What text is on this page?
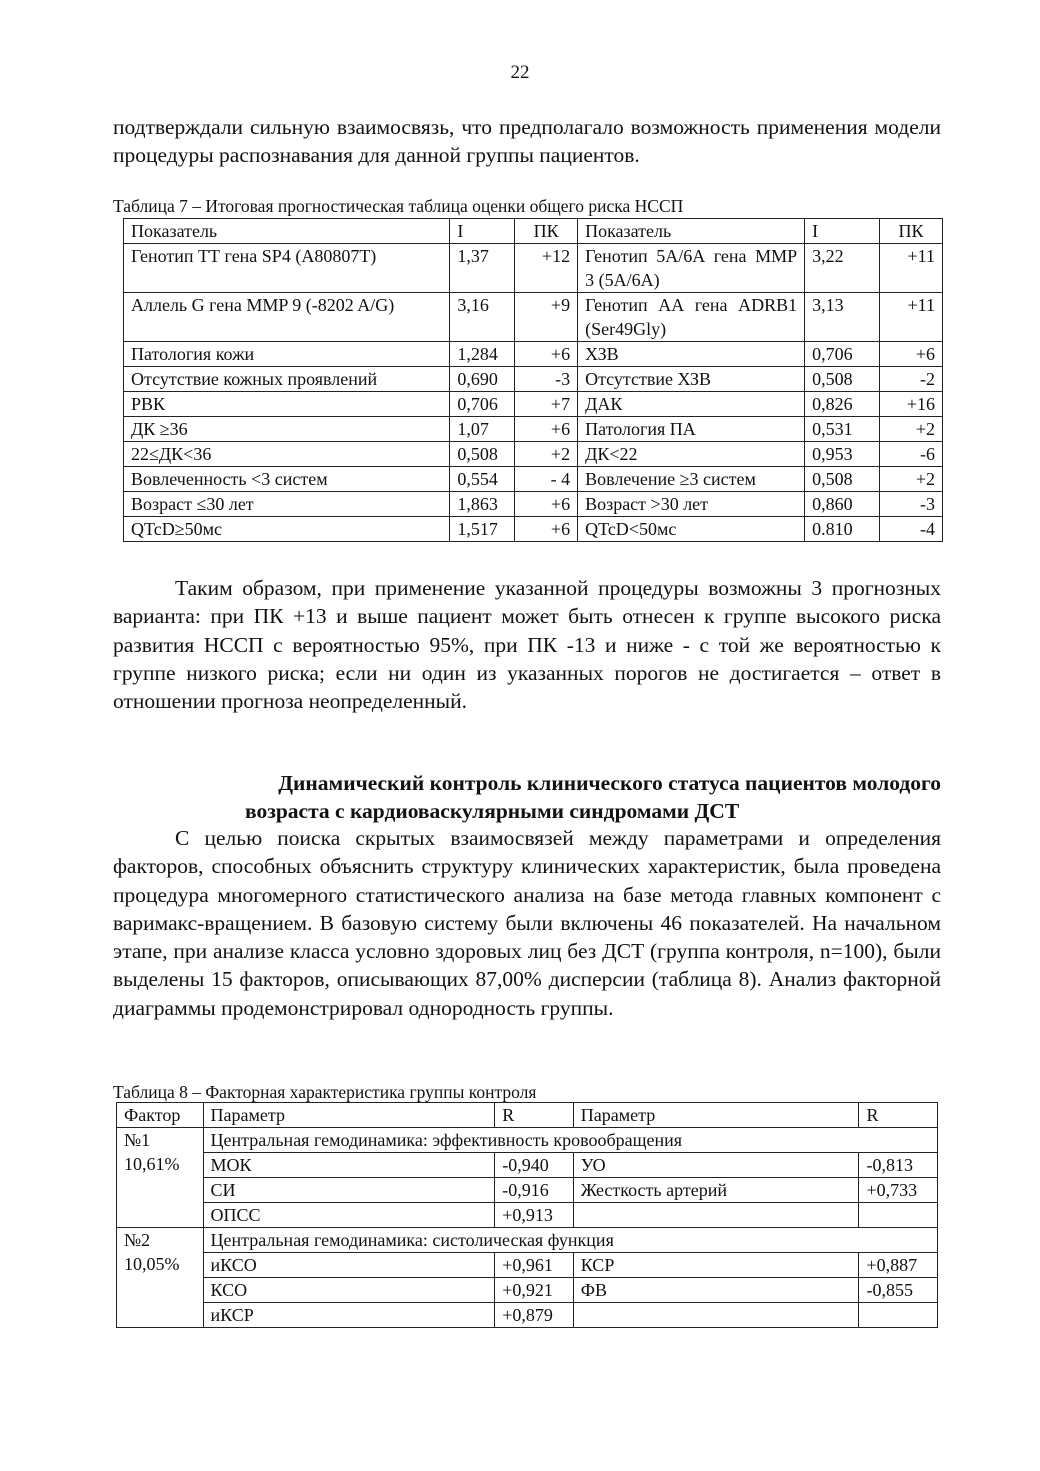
22

подтверждали сильную взаимосвязь, что предполагало возможность применения модели процедуры распознавания для данной группы пациентов.

Таблица 7 – Итоговая прогностическая таблица оценки общего риска НССП
Показатель	I	ПК	Показатель	I	ПК
Генотип ТТ гена SP4 (A80807T)	1,37	+12	Генотип 5А/6А гена ММР 3 (5А/6А)	3,22	+11
Аллель G гена MMP 9 (-8202 A/G)	3,16	+9	Генотип АА гена ADRB1 (Ser49Gly)	3,13	+11
Патология кожи	1,284	+6	ХЗВ	0,706	+6
Отсутствие кожных проявлений	0,690	-3	Отсутствие ХЗВ	0,508	-2
РВК	0,706	+7	ДАК	0,826	+16
ДК ≥36	1,07	+6	Патология ПА	0,531	+2
22≤ДК<36	0,508	+2	ДК<22	0,953	-6
Вовлеченность <3 систем	0,554	- 4	Вовлечение ≥3 систем	0,508	+2
Возраст ≤30 лет	1,863	+6	Возраст >30 лет	0,860	-3
QTcD≥50мс	1,517	+6	QTcD<50мс	0.810	-4

Таким образом, при применение указанной процедуры возможны 3 прогнозных варианта: при ПК +13 и выше пациент может быть отнесен к группе высокого риска развития НССП с вероятностью 95%, при ПК -13 и ниже - с той же вероятностью к группе низкого риска; если ни один из указанных порогов не достигается – ответ в отношении прогноза неопределенный.

Динамический контроль клинического статуса пациентов молодого
возраста с кардиоваскулярными синдромами ДСТ

С целью поиска скрытых взаимосвязей между параметрами и определения факторов, способных объяснить структуру клинических характеристик, была проведена процедура многомерного статистического анализа на базе метода главных компонент с варимакс-вращением. В базовую систему были включены 46 показателей. На начальном этапе, при анализе класса условно здоровых лиц без ДСТ (группа контроля, n=100), были выделены 15 факторов, описывающих 87,00% дисперсии (таблица 8). Анализ факторной диаграммы продемонстрировал однородность группы.

Таблица 8 – Факторная характеристика группы контроля
Фактор	Параметр	R	Параметр	R

№1
10,61%	Центральная гемодинамика: эффективность кровообращения			
	МОК	-0,940	УО	-0,813
	СИ	-0,916	Жесткость артерий	+0,733
	ОПСС	+0,913		

№2
10,05%	Центральная гемодинамика: систолическая функция			
	иКСО	+0,961	КСР	+0,887
	КСО	+0,921	ФВ	-0,855
	иКСР	+0,879		
